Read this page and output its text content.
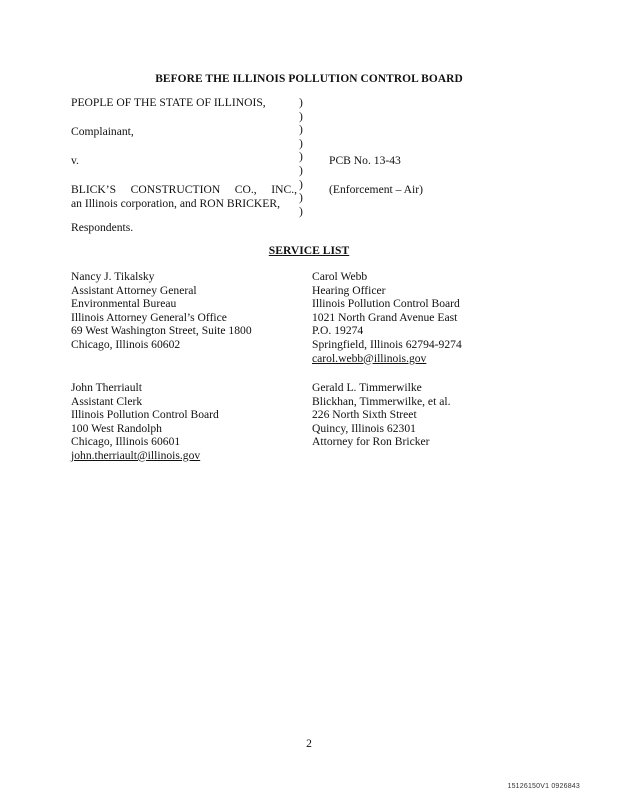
BEFORE THE ILLINOIS POLLUTION CONTROL BOARD
PEOPLE OF THE STATE OF ILLINOIS,
Complainant,
v.
BLICK’S CONSTRUCTION CO., INC.,
an Illinois corporation, and RON BRICKER,
Respondents.
)
)
)
)
)
)
)
)
)
PCB No. 13-43
(Enforcement – Air)
SERVICE LIST
Nancy J. Tikalsky
Assistant Attorney General
Environmental Bureau
Illinois Attorney General’s Office
69 West Washington Street, Suite 1800
Chicago, Illinois 60602
Carol Webb
Hearing Officer
Illinois Pollution Control Board
1021 North Grand Avenue East
P.O. 19274
Springfield, Illinois 62794-9274
carol.webb@illinois.gov
John Therriault
Assistant Clerk
Illinois Pollution Control Board
100 West Randolph
Chicago, Illinois 60601
john.therriault@illinois.gov
Gerald L. Timmerwilke
Blickhan, Timmerwilke, et al.
226 North Sixth Street
Quincy, Illinois 62301
Attorney for Ron Bricker
2
15126150V1 0926843
